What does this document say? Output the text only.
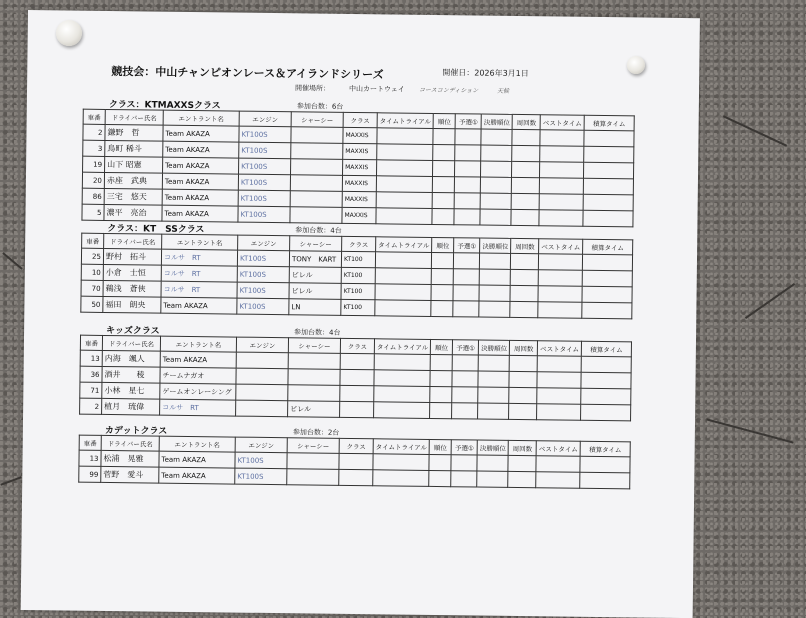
競技会：中山チャンピオンレース＆アイランドシリーズ	開催日：2026年3月1日
開催場所：	中山カートウェイ コースコンディション	天候
クラス：KTMAXXSクラス	参加台数：6台
車番	ドライバー氏名	エントラント名	エンジン	シャーシー	クラス	タイムトライアル	順位	予選①	決勝順位	周回数	ベストタイム	積算タイム
2	鎌野　哲	Team AKAZA	KT100S		MAXXIS							
3	鳥町 稀斗	Team AKAZA	KT100S		MAXXIS							
19	山下 昭憲	Team AKAZA	KT100S		MAXXIS							
20	赤座　武典	Team AKAZA	KT100S		MAXXIS							
86	三宅　悠天	Team AKAZA	KT100S		MAXXIS							
5	濃平　亮治	Team AKAZA	KT100S		MAXXIS							
クラス：KT　SSクラス	参加台数：4台
車番	ドライバー氏名	エントラント名	エンジン	シャーシー	クラス	タイムトライアル	順位	予選①	決勝順位	周回数	ベストタイム	積算タイム
25	野村　拓斗	コルサ　RT	KT100S	TONY　KART	KT100							
10	小倉　士恒	コルサ　RT	KT100S	ビレル	KT100							
70	鵜浅　蒼俠	コルサ　RT	KT100S	ビレル	KT100							
50	福田　朗央	Team AKAZA	KT100S	LN	KT100							
キッズクラス	参加台数：4台
車番	ドライバー氏名	エントラント名	エンジン	シャーシー	クラス	タイムトライアル	順位	予選①	決勝順位	周回数	ベストタイム	積算タイム
13	内海　颯人	Team AKAZA										
36	酒井　　稜	チームナガオ										
71	小林　星七	ゲームオンレーシング										
2	植月　琉偉	コルサ　RT		ビレル								
カデットクラス	参加台数：2台
車番	ドライバー氏名	エントラント名	エンジン	シャーシー	クラス	タイムトライアル	順位	予選①	決勝順位	周回数	ベストタイム	積算タイム
13	松浦　晃雅	Team AKAZA	KT100S									
99	菅野　愛斗	Team AKAZA	KT100S									
